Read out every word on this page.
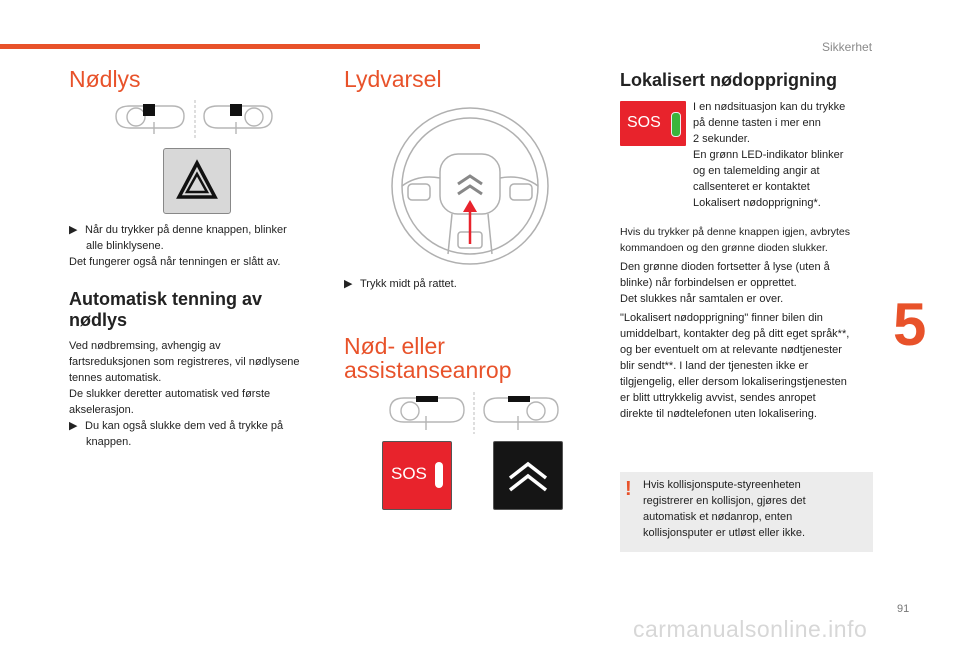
Sikkerhet
5
91
carmanualsonline.info
Nødlys
▶ Når du trykker på denne knappen, blinker
alle blinklysene.
Det fungerer også når tenningen er slått av.
Automatisk tenning av
nødlys
Ved nødbremsing, avhengig av
fartsreduksjonen som registreres, vil nødlysene
tennes automatisk.
De slukker deretter automatisk ved første
akselerasjon.
▶ Du kan også slukke dem ved å trykke på
knappen.
Lydvarsel
▶ Trykk midt på rattet.
Nød- eller
assistanseanrop
SOS
Lokalisert nødopprigning
SOS
I en nødsituasjon kan du trykke
på denne tasten i mer enn
2 sekunder.
En grønn LED-indikator blinker
og en talemelding angir at
callsenteret er kontaktet
Lokalisert nødopprigning*.
Hvis du trykker på denne knappen igjen, avbrytes
kommandoen og den grønne dioden slukker.
Den grønne dioden fortsetter å lyse (uten å
blinke) når forbindelsen er opprettet.
Det slukkes når samtalen er over.
"Lokalisert nødopprigning" finner bilen din
umiddelbart, kontakter deg på ditt eget språk**,
og ber eventuelt om at relevante nødtjenester
blir sendt**. I land der tjenesten ikke er
tilgjengelig, eller dersom lokaliseringstjenesten
er blitt uttrykkelig avvist, sendes anropet
direkte til nødtelefonen uten lokalisering.
! Hvis kollisjonspute-styreenheten
registrerer en kollisjon, gjøres det
automatisk et nødanrop, enten
kollisjonsputer er utløst eller ikke.
